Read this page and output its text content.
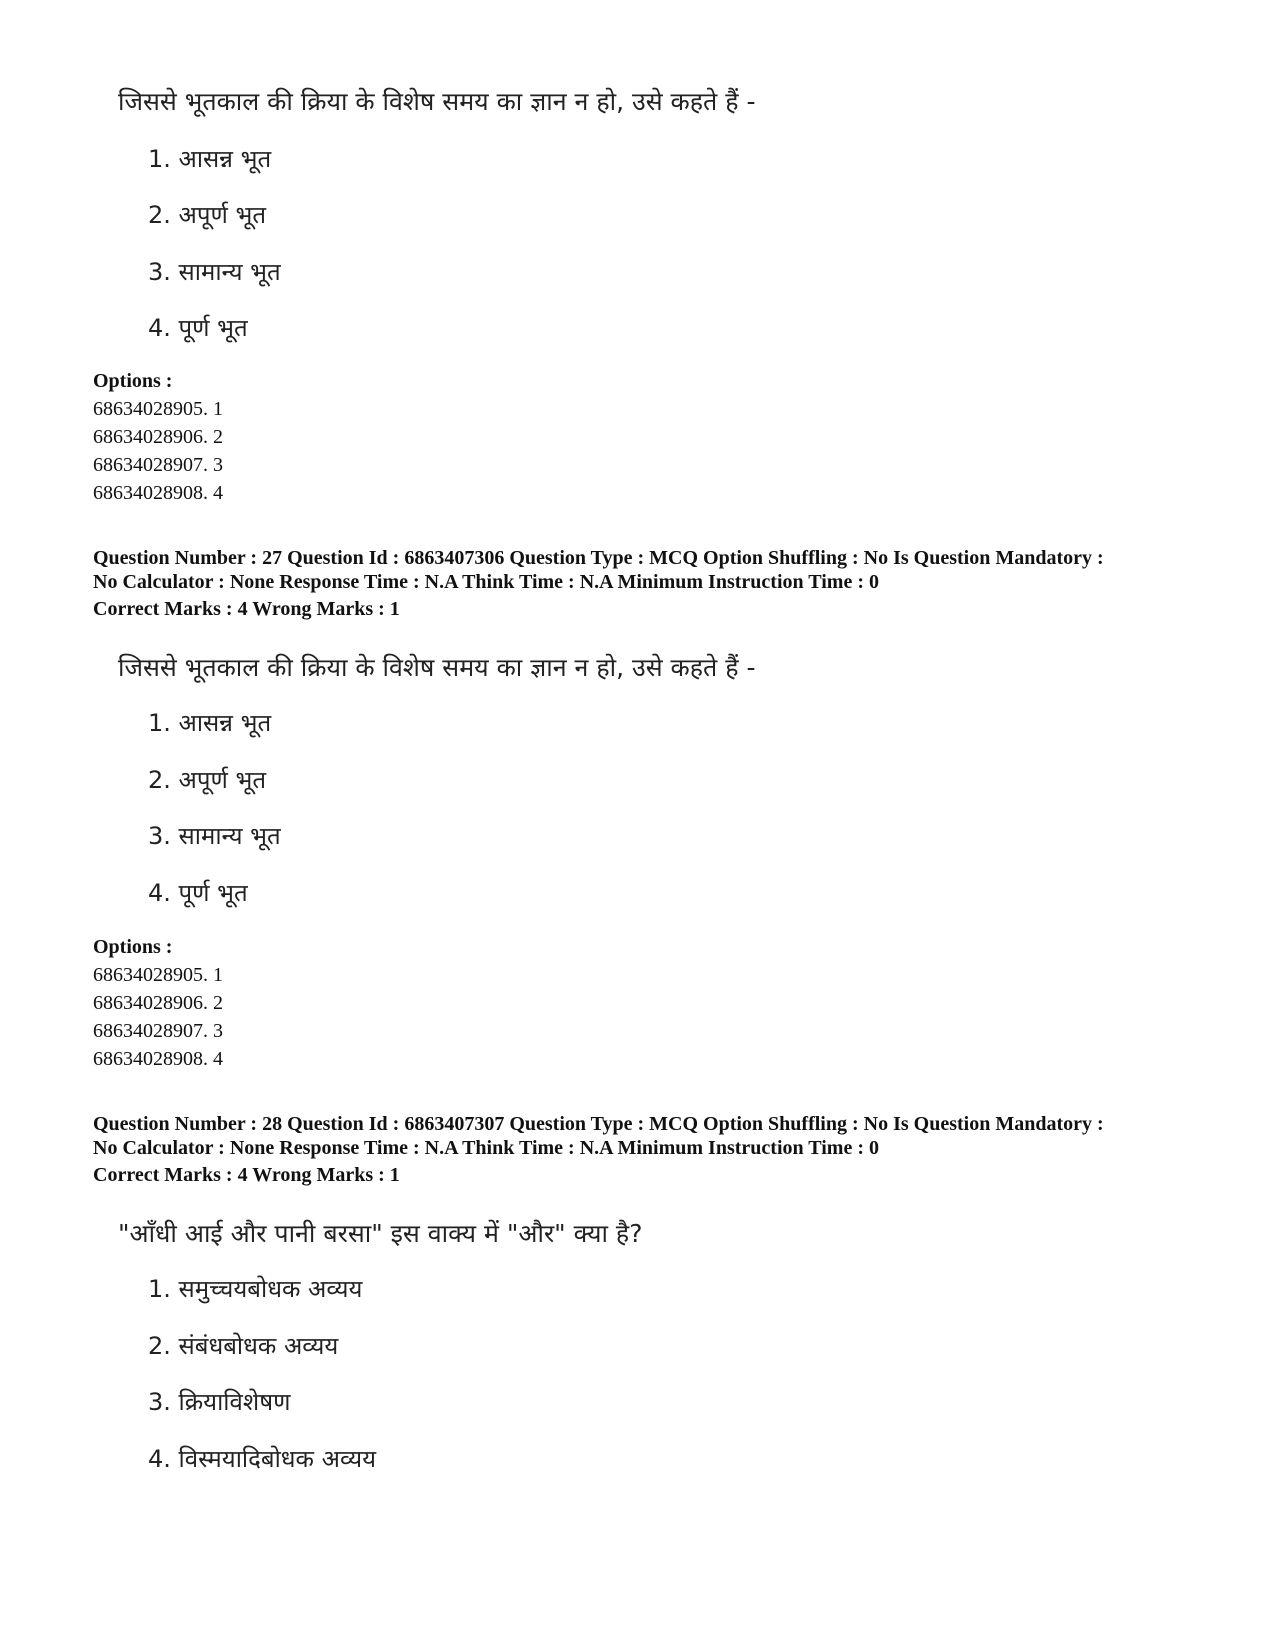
जिससे भूतकाल की क्रिया के विशेष समय का ज्ञान न हो, उसे कहते हैं -
1. आसन्न भूत
2. अपूर्ण भूत
3. सामान्य भूत
4. पूर्ण भूत
Options :
68634028905. 1
68634028906. 2
68634028907. 3
68634028908. 4
Question Number : 27 Question Id : 6863407306 Question Type : MCQ Option Shuffling : No Is Question Mandatory :
No Calculator : None Response Time : N.A Think Time : N.A Minimum Instruction Time : 0
Correct Marks : 4 Wrong Marks : 1
जिससे भूतकाल की क्रिया के विशेष समय का ज्ञान न हो, उसे कहते हैं -
1. आसन्न भूत
2. अपूर्ण भूत
3. सामान्य भूत
4. पूर्ण भूत
Options :
68634028905. 1
68634028906. 2
68634028907. 3
68634028908. 4
Question Number : 28 Question Id : 6863407307 Question Type : MCQ Option Shuffling : No Is Question Mandatory :
No Calculator : None Response Time : N.A Think Time : N.A Minimum Instruction Time : 0
Correct Marks : 4 Wrong Marks : 1
"आँधी आई और पानी बरसा" इस वाक्य में "और" क्या है?
1. समुच्चयबोधक अव्यय
2. संबंधबोधक अव्यय
3. क्रियाविशेषण
4. विस्मयादिबोधक अव्यय
